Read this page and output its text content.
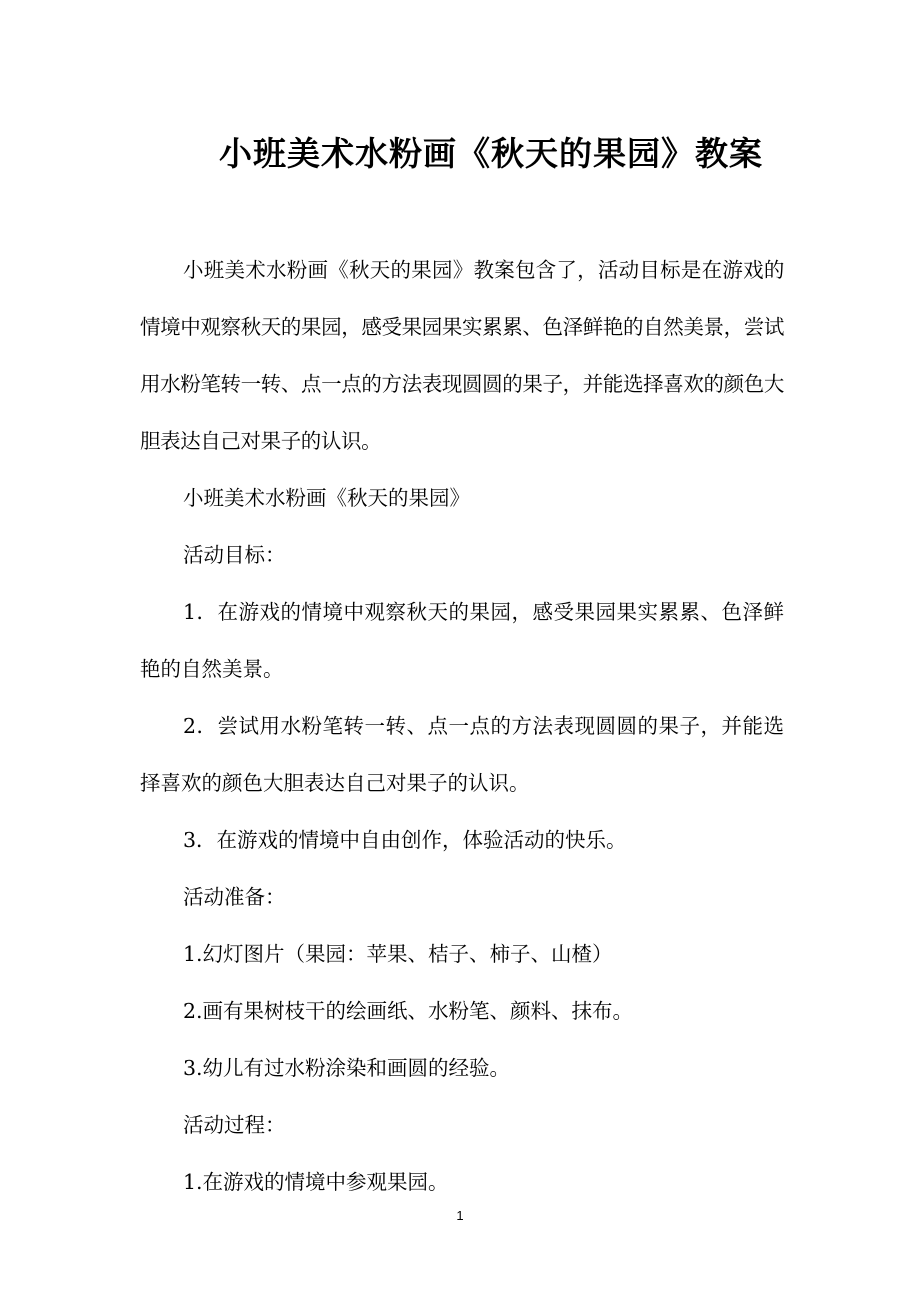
小班美术水粉画《秋天的果园》教案

小班美术水粉画《秋天的果园》教案包含了，活动目标是在游戏的情境中观察秋天的果园，感受果园果实累累、色泽鲜艳的自然美景，尝试用水粉笔转一转、点一点的方法表现圆圆的果子，并能选择喜欢的颜色大胆表达自己对果子的认识。

小班美术水粉画《秋天的果园》

活动目标：

1．在游戏的情境中观察秋天的果园，感受果园果实累累、色泽鲜艳的自然美景。

2．尝试用水粉笔转一转、点一点的方法表现圆圆的果子，并能选择喜欢的颜色大胆表达自己对果子的认识。

3．在游戏的情境中自由创作，体验活动的快乐。

活动准备：

1.幻灯图片（果园：苹果、桔子、柿子、山楂）

2.画有果树枝干的绘画纸、水粉笔、颜料、抹布。

3.幼儿有过水粉涂染和画圆的经验。

活动过程：

1.在游戏的情境中参观果园。

1
